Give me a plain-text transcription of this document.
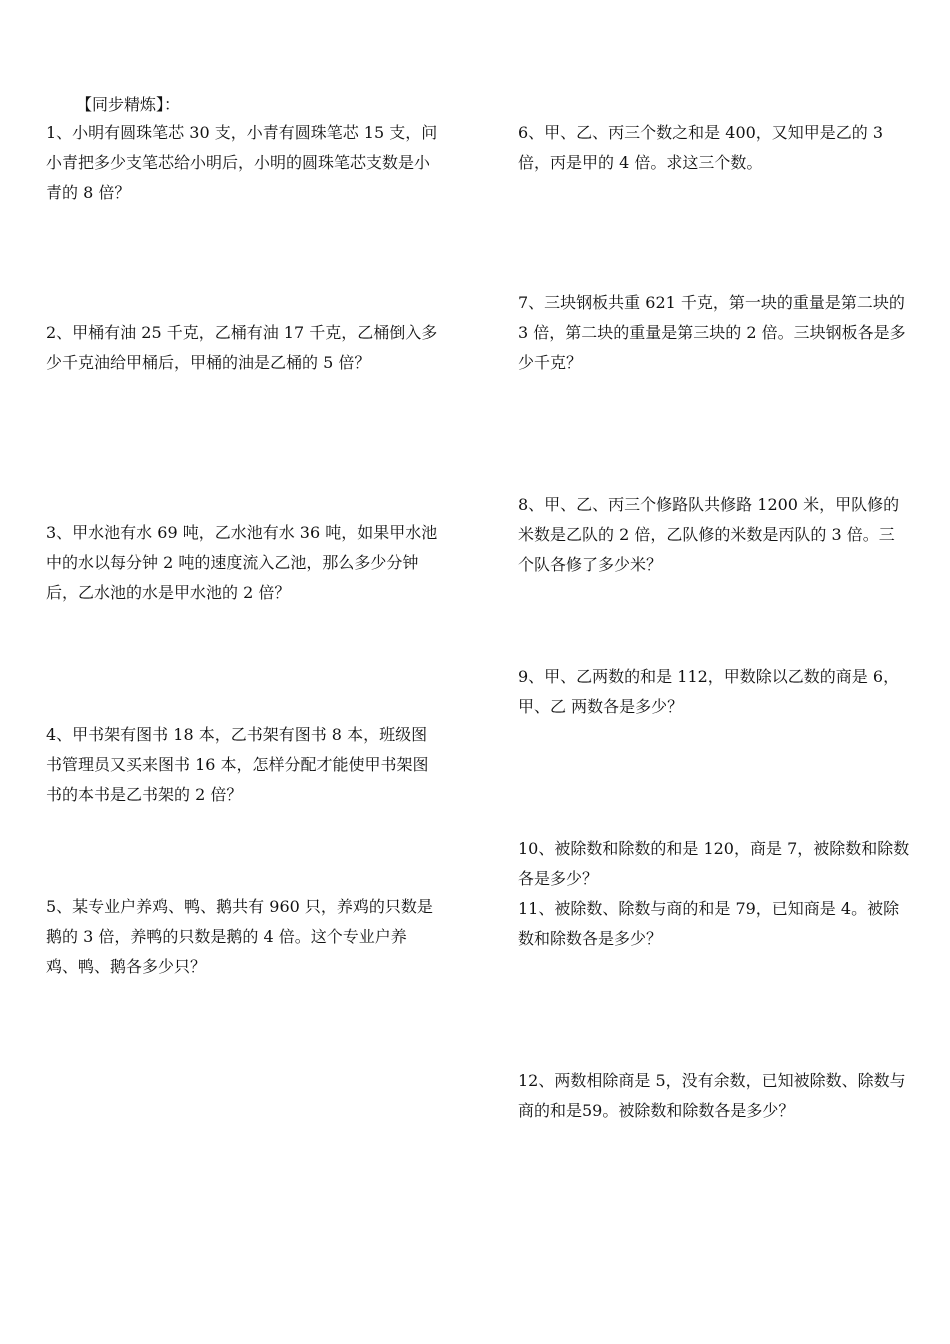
【同步精炼】：
1、小明有圆珠笔芯 30 支，小青有圆珠笔芯 15 支，问小青把多少支笔芯给小明后，小明的圆珠笔芯支数是小青的 8 倍？
2、甲桶有油 25 千克，乙桶有油 17 千克，乙桶倒入多少千克油给甲桶后，甲桶的油是乙桶的 5 倍？
3、甲水池有水 69 吨，乙水池有水 36 吨，如果甲水池中的水以每分钟 2 吨的速度流入乙池，那么多少分钟后，乙水池的水是甲水池的 2 倍？
4、甲书架有图书 18 本，乙书架有图书 8 本，班级图书管理员又买来图书 16 本，怎样分配才能使甲书架图书的本书是乙书架的 2 倍？
5、某专业户养鸡、鸭、鹅共有 960 只，养鸡的只数是鹅的 3 倍，养鸭的只数是鹅的 4 倍。这个专业户养鸡、鸭、鹅各多少只？
6、甲、乙、丙三个数之和是 400，又知甲是乙的 3 倍，丙是甲的 4 倍。求这三个数。
7、三块钢板共重 621 千克，第一块的重量是第二块的 3 倍，第二块的重量是第三块的 2 倍。三块钢板各是多少千克？
8、甲、乙、丙三个修路队共修路 1200 米，甲队修的米数是乙队的 2 倍，乙队修的米数是丙队的 3 倍。三个队各修了多少米？
9、甲、乙两数的和是 112，甲数除以乙数的商是 6，甲、乙 两数各是多少？
10、被除数和除数的和是 120，商是 7，被除数和除数各是多少？
11、被除数、除数与商的和是 79，已知商是 4。被除数和除数各是多少？
12、两数相除商是 5，没有余数，已知被除数、除数与商的和是59。被除数和除数各是多少？
